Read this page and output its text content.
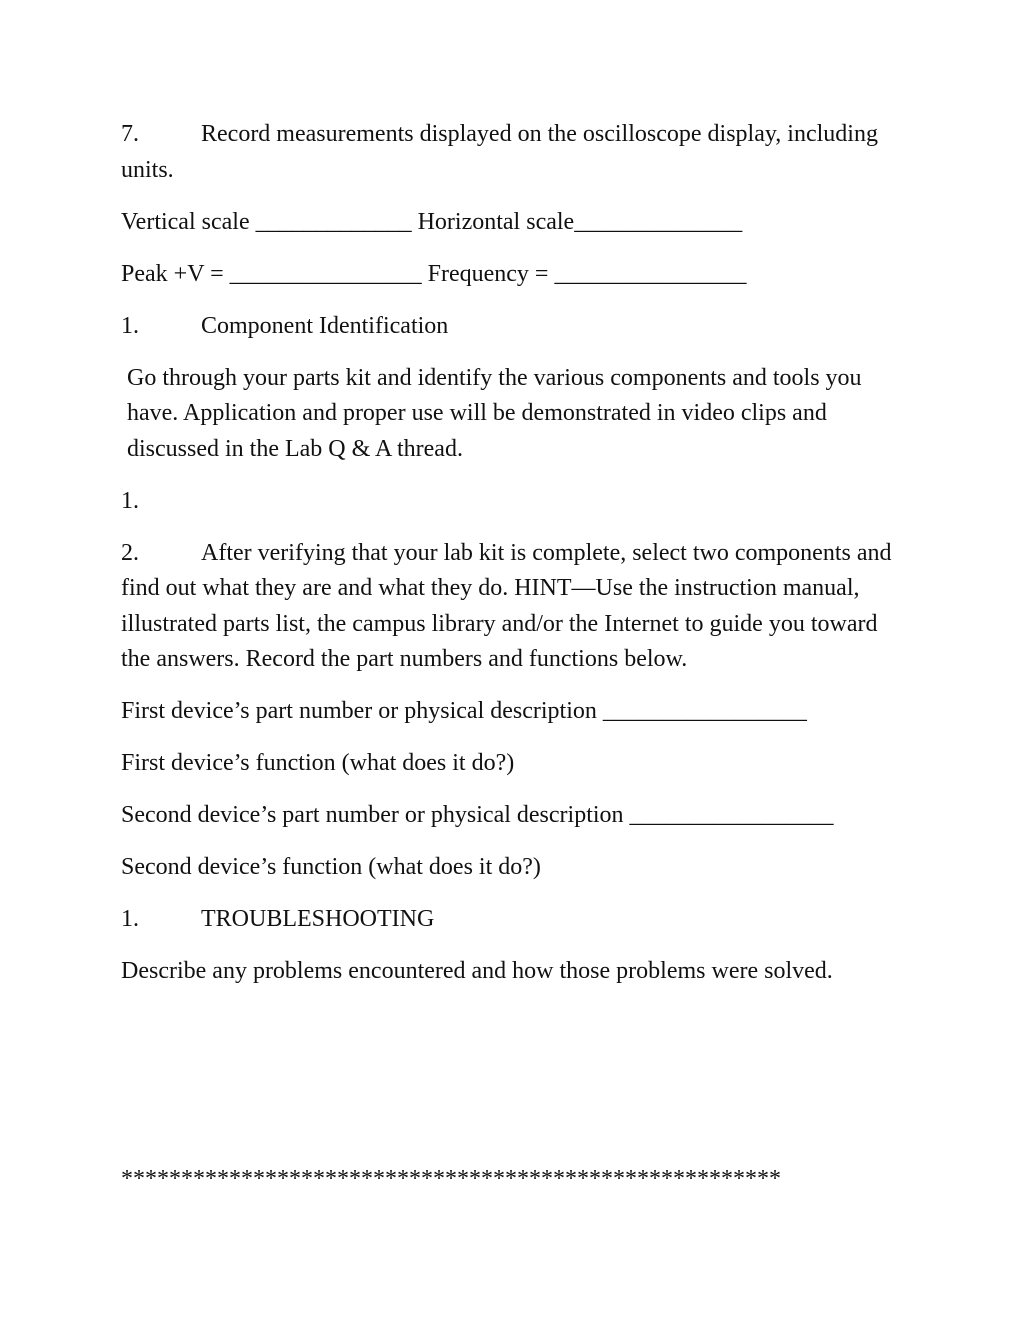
7.	Record measurements displayed on the oscilloscope display, including units.

Vertical scale _____________ Horizontal scale______________

Peak +V = ________________ Frequency = ________________

1.	Component Identification

Go through your parts kit and identify the various components and tools you have. Application and proper use will be demonstrated in video clips and discussed in the Lab Q & A thread.

1.

2.	After verifying that your lab kit is complete, select two components and find out what they are and what they do. HINT—Use the instruction manual, illustrated parts list, the campus library and/or the Internet to guide you toward the answers. Record the part numbers and functions below.

First device’s part number or physical description _________________

First device’s function (what does it do?)

Second device’s part number or physical description _________________

Second device’s function (what does it do?)

1.	TROUBLESHOOTING

Describe any problems encountered and how those problems were solved.

*******************************************************
